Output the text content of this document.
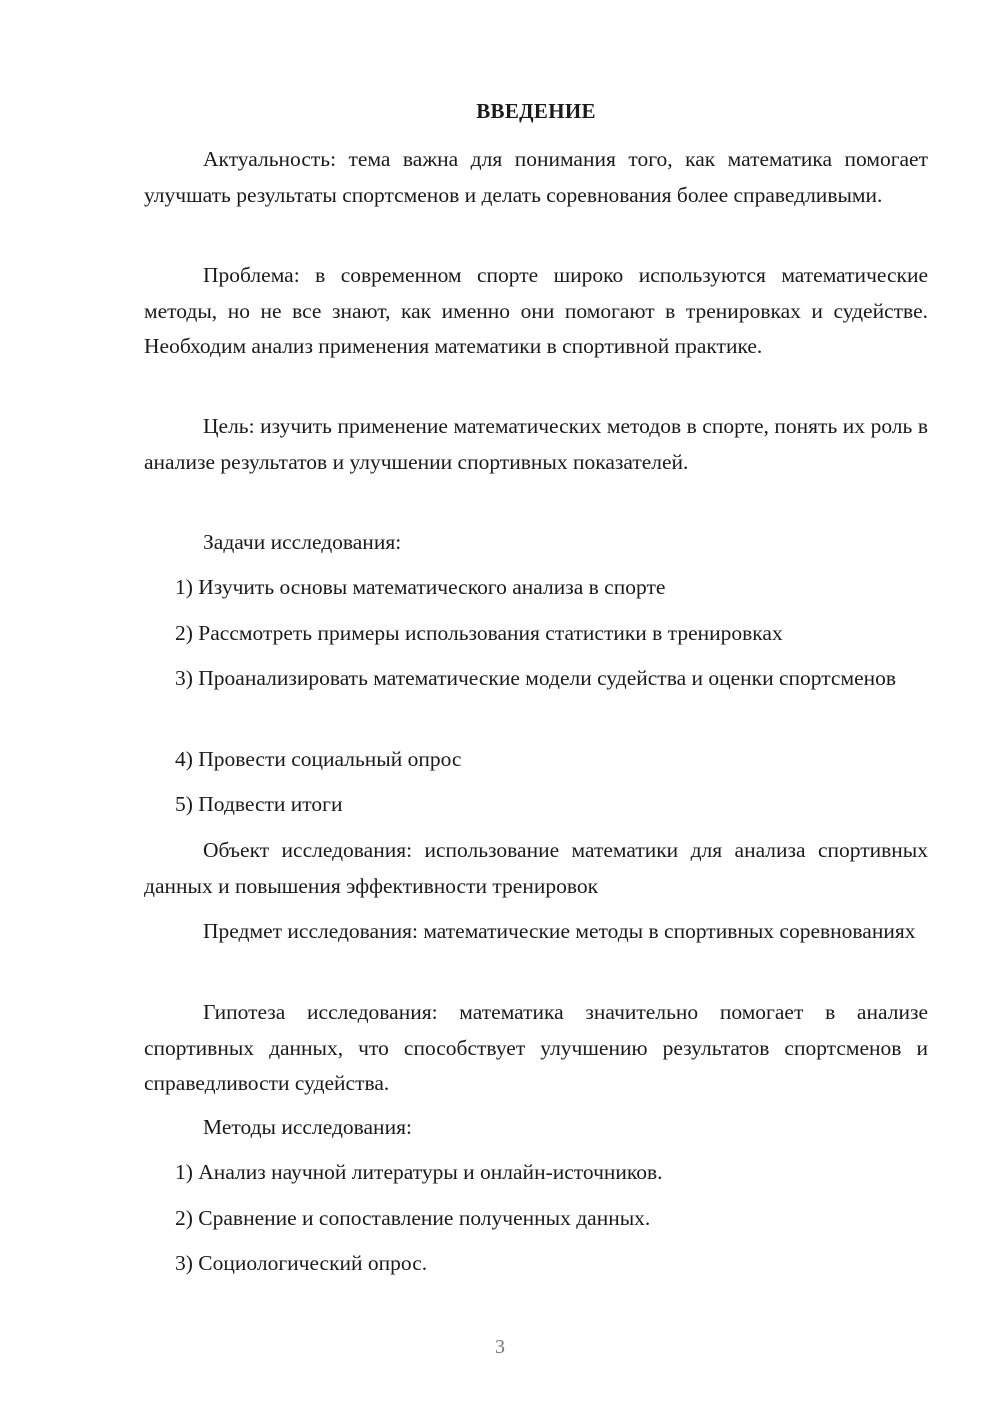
ВВЕДЕНИЕ

Актуальность: тема важна для понимания того, как математика помогает улучшать результаты спортсменов и делать соревнования более справедливыми.

Проблема: в современном спорте широко используются математические методы, но не все знают, как именно они помогают в тренировках и судействе. Необходим анализ применения математики в спортивной практике.

Цель: изучить применение математических методов в спорте, понять их роль в анализе результатов и улучшении спортивных показателей.

Задачи исследования:

1) Изучить основы математического анализа в спорте

2) Рассмотреть примеры использования статистики в тренировках

3) Проанализировать математические модели судейства и оценки спортсменов

4) Провести социальный опрос

5) Подвести итоги

Объект исследования: использование математики для анализа спортивных данных и повышения эффективности тренировок

Предмет исследования: математические методы в спортивных соревнованиях

Гипотеза исследования: математика значительно помогает в анализе спортивных данных, что способствует улучшению результатов спортсменов и справедливости судейства.

Методы исследования:

1) Анализ научной литературы и онлайн-источников.

2) Сравнение и сопоставление полученных данных.

3) Социологический опрос.

3
